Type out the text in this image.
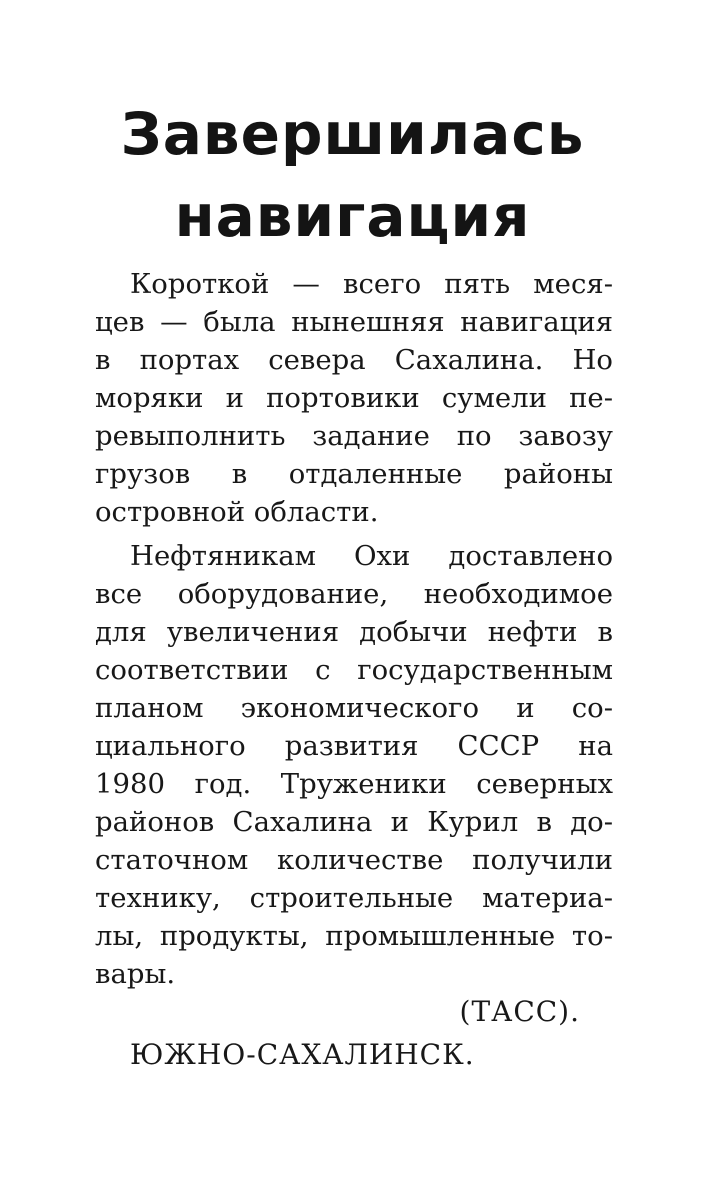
Завершилась
навигация
Короткой — всего пять меся-
цев — была нынешняя навигация
в портах севера Сахалина. Но
моряки и портовики сумели пе-
ревыполнить задание по завозу
грузов в отдаленные районы
островной области.
Нефтяникам Охи доставлено
все оборудование, необходимое
для увеличения добычи нефти в
соответствии с государственным
планом экономического и со-
циального развития СССР на
1980 год. Труженики северных
районов Сахалина и Курил в до-
статочном количестве получили
технику, строительные материа-
лы, продукты, промышленные то-
вары.
(ТАСС).
ЮЖНО-САХАЛИНСК.
